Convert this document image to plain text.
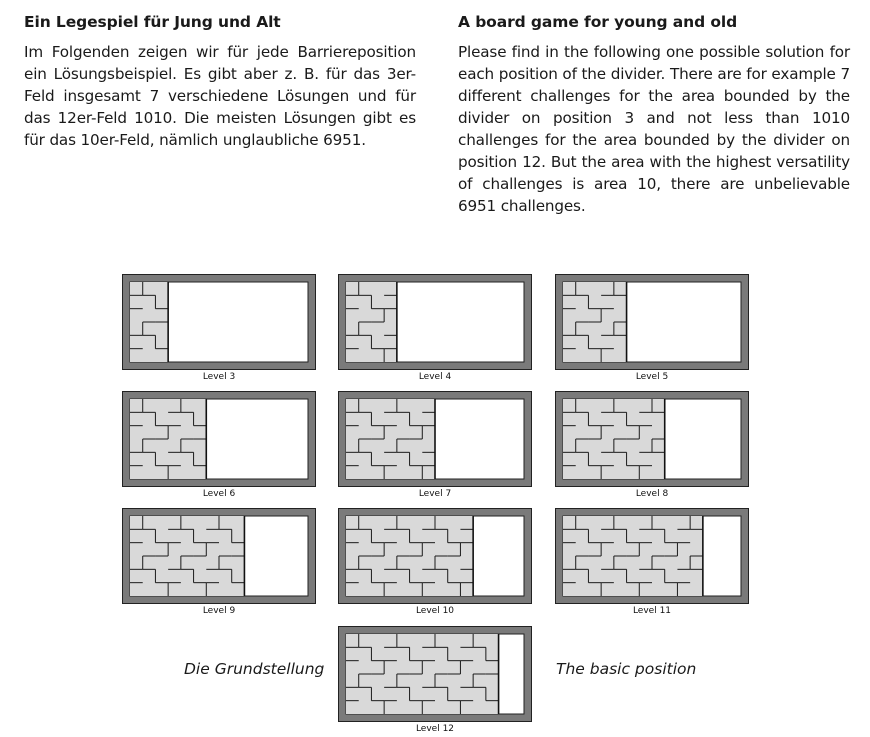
Ein Legespiel für Jung und Alt

Im Folgenden zeigen wir für jede Barriereposition ein Lösungsbeispiel. Es gibt aber z. B. für das 3er-Feld insgesamt 7 verschiedene Lösungen und für das 12er-Feld 1010. Die meisten Lösungen gibt es für das 10er-Feld, nämlich unglaubliche 6951.

A board game for young and old

Please find in the following one possible solution for each position of the divider. There are for example 7 different challenges for the area bounded by the divider on position 3 and not less than 1010 challenges for the area bounded by the divider on position 12. But the area with the highest versatility of challenges is area 10, there are unbelievable 6951 challenges.

Level 3	Level 4	Level 5
Level 6	Level 7	Level 8
Level 9	Level 10	Level 11
Level 12
Die Grundstellung	The basic position
